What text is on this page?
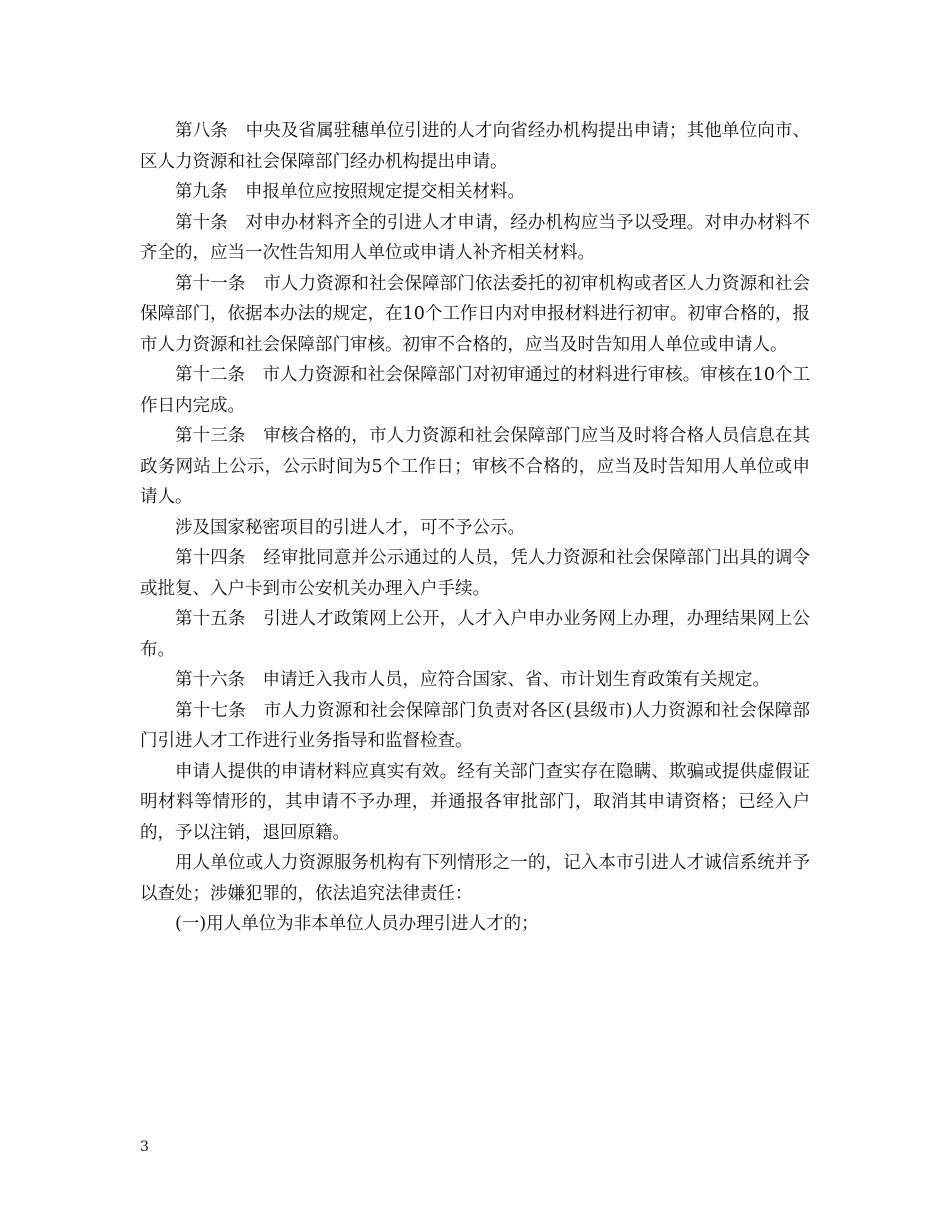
第八条　中央及省属驻穗单位引进的人才向省经办机构提出申请；其他单位向市、区人力资源和社会保障部门经办机构提出申请。

第九条　申报单位应按照规定提交相关材料。

第十条　对申办材料齐全的引进人才申请，经办机构应当予以受理。对申办材料不齐全的，应当一次性告知用人单位或申请人补齐相关材料。

第十一条　市人力资源和社会保障部门依法委托的初审机构或者区人力资源和社会保障部门，依据本办法的规定，在10个工作日内对申报材料进行初审。初审合格的，报市人力资源和社会保障部门审核。初审不合格的，应当及时告知用人单位或申请人。

第十二条　市人力资源和社会保障部门对初审通过的材料进行审核。审核在10个工作日内完成。

第十三条　审核合格的，市人力资源和社会保障部门应当及时将合格人员信息在其政务网站上公示，公示时间为5个工作日；审核不合格的，应当及时告知用人单位或申请人。

涉及国家秘密项目的引进人才，可不予公示。

第十四条　经审批同意并公示通过的人员，凭人力资源和社会保障部门出具的调令或批复、入户卡到市公安机关办理入户手续。

第十五条　引进人才政策网上公开，人才入户申办业务网上办理，办理结果网上公布。

第十六条　申请迁入我市人员，应符合国家、省、市计划生育政策有关规定。

第十七条　市人力资源和社会保障部门负责对各区(县级市)人力资源和社会保障部门引进人才工作进行业务指导和监督检查。

申请人提供的申请材料应真实有效。经有关部门查实存在隐瞒、欺骗或提供虚假证明材料等情形的，其申请不予办理，并通报各审批部门，取消其申请资格；已经入户的，予以注销，退回原籍。

用人单位或人力资源服务机构有下列情形之一的，记入本市引进人才诚信系统并予以查处；涉嫌犯罪的，依法追究法律责任：

(一)用人单位为非本单位人员办理引进人才的；

3
